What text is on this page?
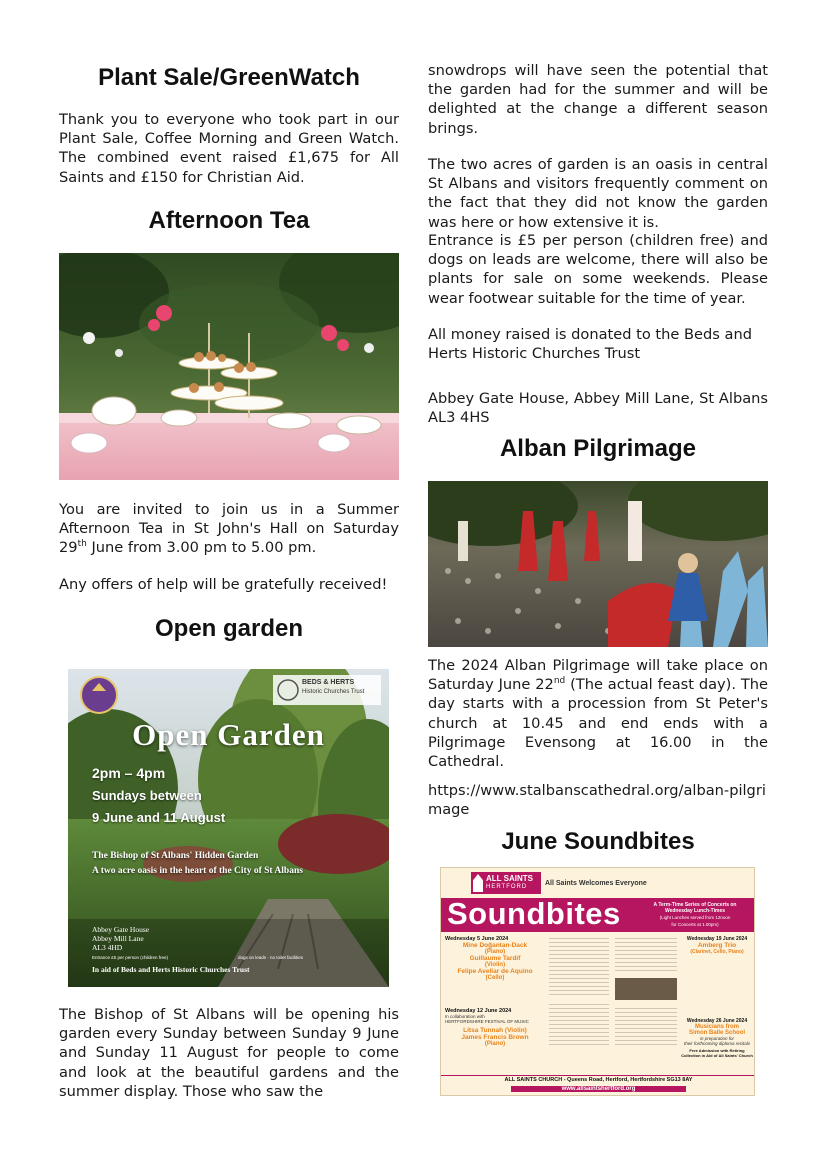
Plant Sale/GreenWatch

Thank you to everyone who took part in our Plant Sale, Coffee Morning and Green Watch. The combined event raised £1,675 for All Saints and £150 for Christian Aid.

Afternoon Tea

You are invited to join us in a Summer Afternoon Tea in St John's Hall on Saturday 29th June from 3.00 pm to 5.00 pm.

Any offers of help will be gratefully received!

Open garden
BEDS & HERTS
Historic Churches Trust
Open Garden
2pm – 4pm
Sundays between
9 June and 11 August
The Bishop of St Albans' Hidden Garden
A two acre oasis in the heart of the City of St Albans
Abbey Gate House
Abbey Mill Lane
AL3 4HD
Entrance £5 per person (children free)	dogs on leads · no toilet facilities
In aid of Beds and Herts Historic Churches Trust

The Bishop of St Albans will be opening his garden every Sunday between Sunday 9 June and Sunday 11 August for people to come and look at the beautiful gardens and the summer display. Those who saw the

snowdrops will have seen the potential that the garden had for the summer and will be delighted at the change a different season brings.

The two acres of garden is an oasis in central St Albans and visitors frequently comment on the fact that they did not know the garden was here or how extensive it is.

Entrance is £5 per person (children free) and dogs on leads are welcome, there will also be plants for sale on some weekends. Please wear footwear suitable for the time of year.

All money raised is donated to the Beds and Herts Historic Churches Trust

Abbey Gate House, Abbey Mill Lane, St Albans AL3 4HS

Alban Pilgrimage

The 2024 Alban Pilgrimage will take place on Saturday June 22nd (The actual feast day). The day starts with a procession from St Peter's church at 10.45 and end ends with a Pilgrimage Evensong at 16.00 in the Cathedral.

https://www.stalbanscathedral.org/alban-pilgrimage
June Soundbites
ALL SAINTS
HERTFORD	All Saints Welcomes Everyone
Soundbites	A Term-Time Series of Concerts on Wednesday Lunch-Times
(Light Lunches served from 12noon
for Concerts at 1.00pm)
Wednesday 5 June 2024
Mine Doğantan-Dack
(Piano)
Guillaume Tardif
(Violin)
Felipe Avellar de Aquino
(Cello)
Wednesday 12 June 2024
In collaboration with
HERTFORDSHIRE FESTIVAL OF MUSIC
Litsa Tunnah (Violin)
James Francis Brown
(Piano)
Wednesday 19 June 2024
Amberg Trio
(Clarinet, Cello, Piano)
Wednesday 26 June 2024
Musicians from
Simon Balle School
in preparation for
their forthcoming diploma recitals
Free Admission with Retiring Collection in Aid of All Saints' Church
ALL SAINTS CHURCH - Queens Road, Hertford, Hertfordshire SG13 8AY
www.allsaintshertford.org
